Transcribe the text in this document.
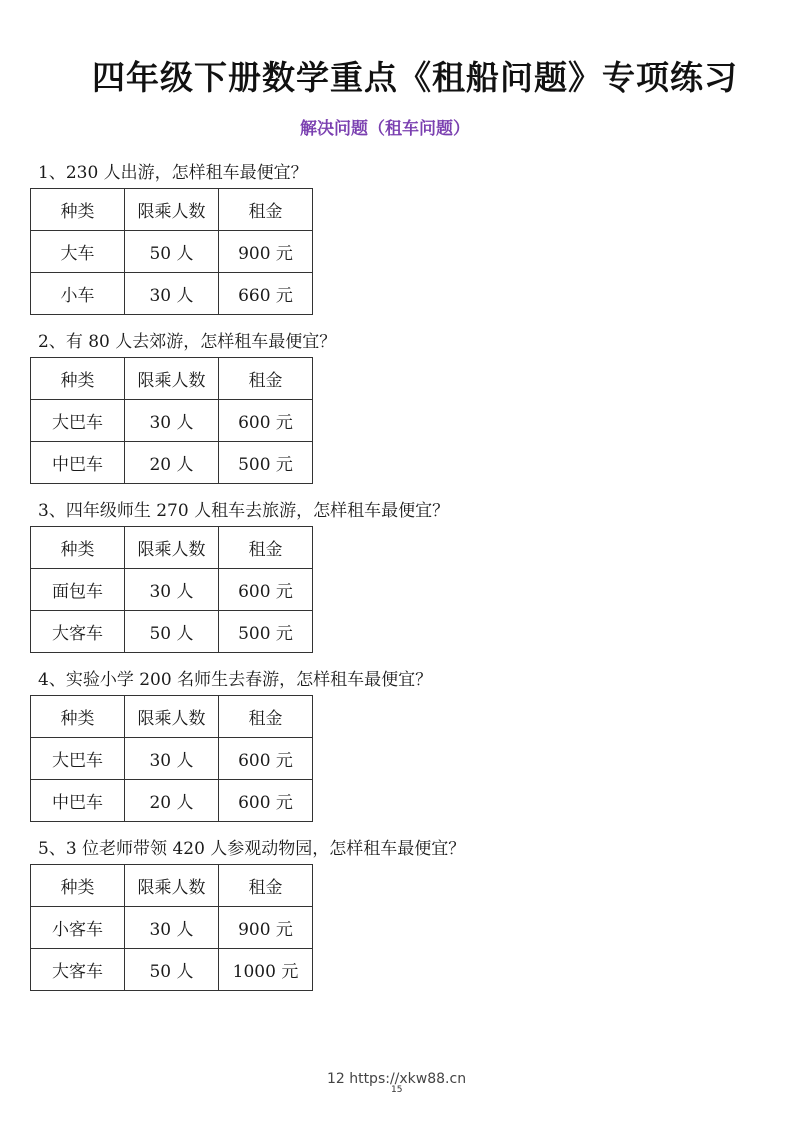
四年级下册数学重点《租船问题》专项练习
解决问题（租车问题）
1、230 人出游，怎样租车最便宜？
种类	限乘人数	租金
大车	50 人	900 元
小车	30 人	660 元
2、有 80 人去郊游，怎样租车最便宜？
种类	限乘人数	租金
大巴车	30 人	600 元
中巴车	20 人	500 元
3、四年级师生 270 人租车去旅游，怎样租车最便宜？
种类	限乘人数	租金
面包车	30 人	600 元
大客车	50 人	500 元
4、实验小学 200 名师生去春游，怎样租车最便宜？
种类	限乘人数	租金
大巴车	30 人	600 元
中巴车	20 人	600 元
5、3 位老师带领 420 人参观动物园，怎样租车最便宜？
种类	限乘人数	租金
小客车	30 人	900 元
大客车	50 人	1000 元
12 https://xkw88.cn
15
